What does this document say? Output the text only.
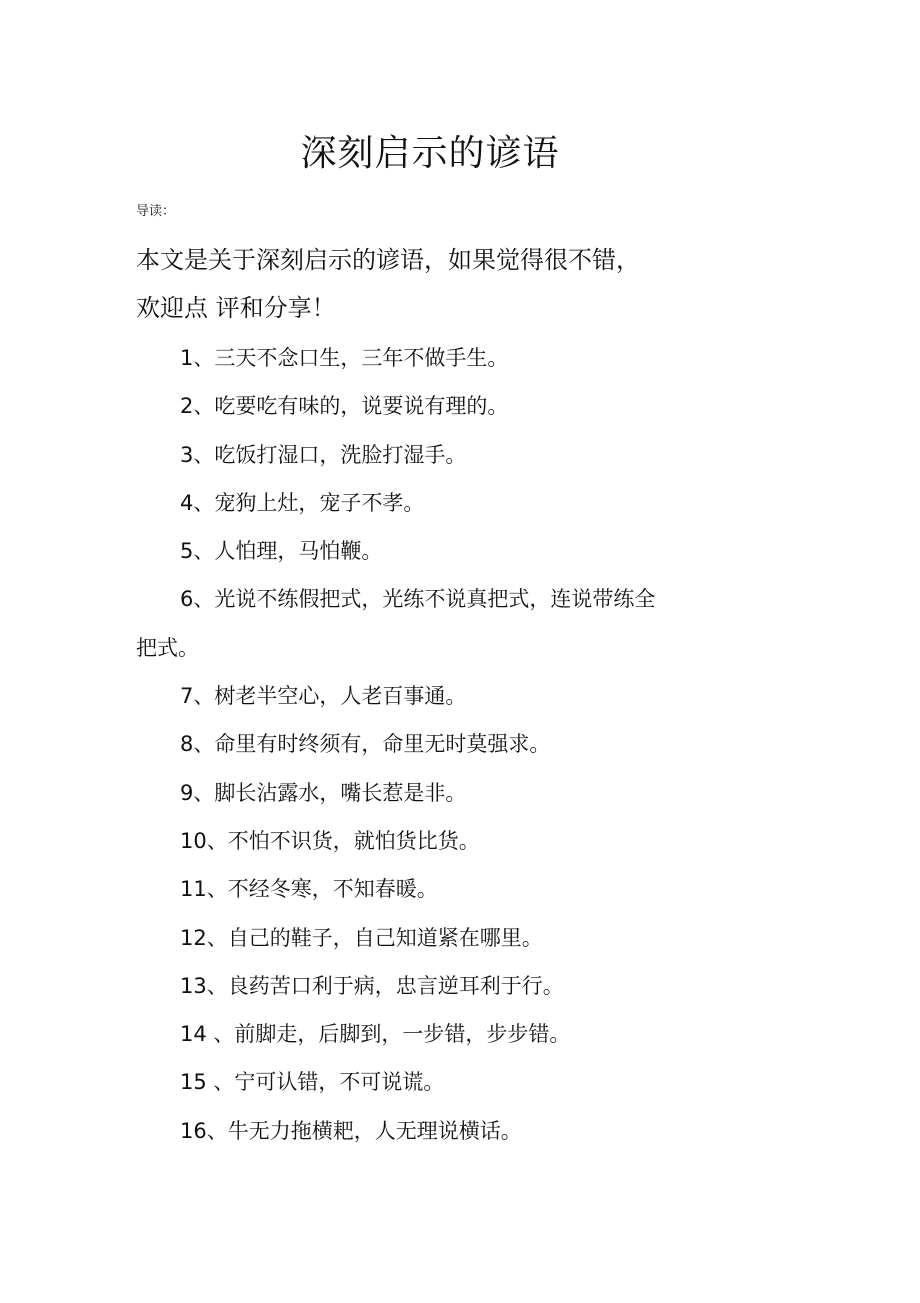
深刻启示的谚语
导读：
本文是关于深刻启示的谚语，如果觉得很不错，
欢迎点 评和分享！
1、三天不念口生，三年不做手生。
2、吃要吃有味的，说要说有理的。
3、吃饭打湿口，洗脸打湿手。
4、宠狗上灶，宠子不孝。
5、人怕理，马怕鞭。
6、光说不练假把式，光练不说真把式，连说带练全
把式。
7、树老半空心，人老百事通。
8、命里有时终须有，命里无时莫强求。
9、脚长沾露水，嘴长惹是非。
10、不怕不识货，就怕货比货。
11、不经冬寒，不知春暖。
12、自己的鞋子，自己知道紧在哪里。
13、良药苦口利于病，忠言逆耳利于行。
14 、前脚走，后脚到，一步错，步步错。
15 、宁可认错，不可说谎。
16、牛无力拖横耙，人无理说横话。
